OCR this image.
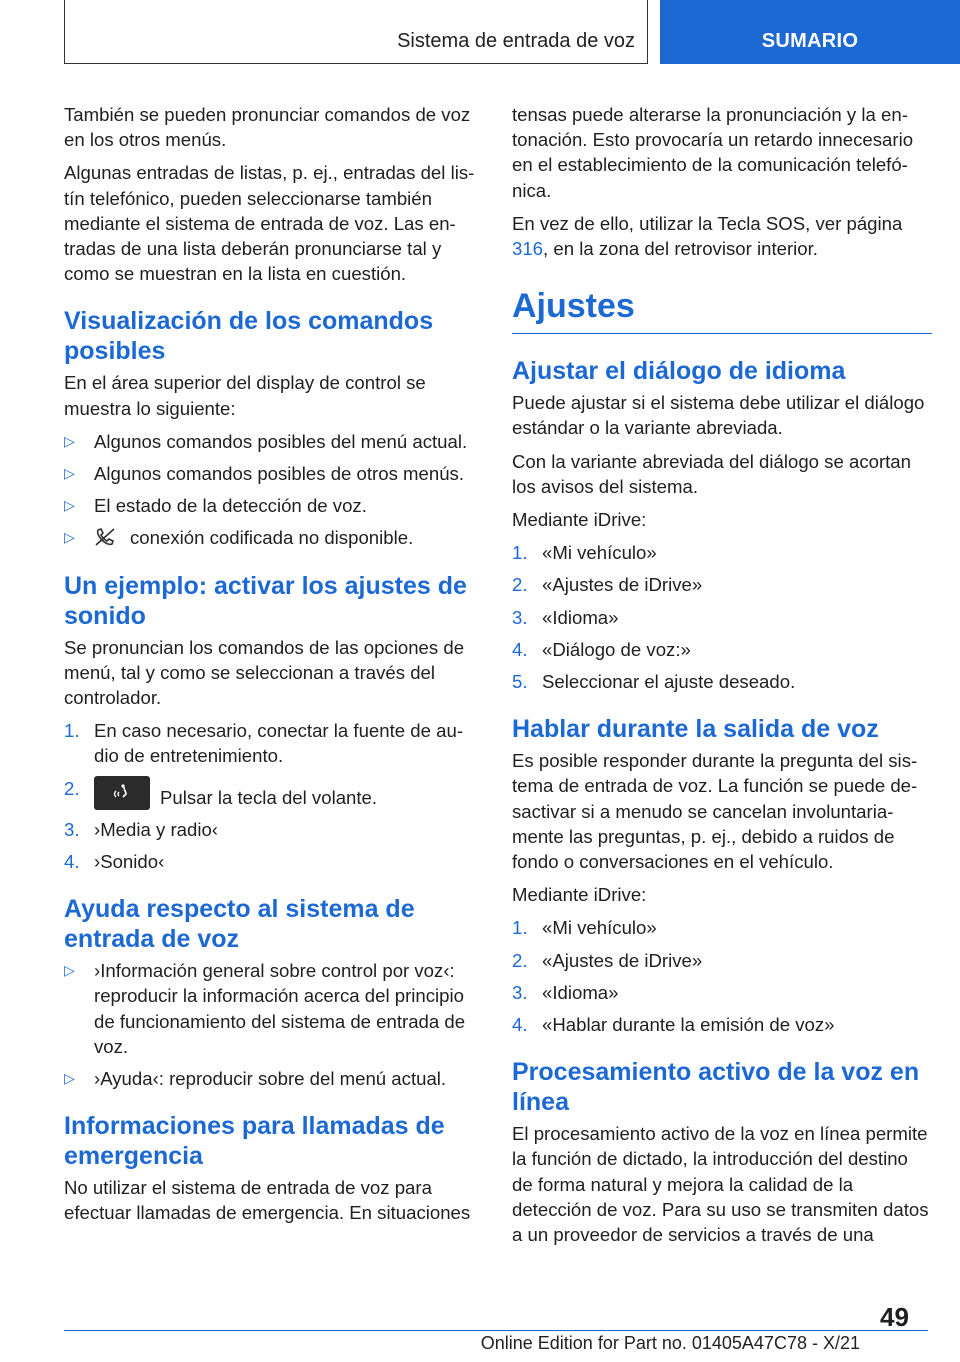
Sistema de entrada de voz	SUMARIO

También se pueden pronunciar comandos de voz en los otros menús.

Algunas entradas de listas, p. ej., entradas del listín telefónico, pueden seleccionarse también mediante el sistema de entrada de voz. Las entradas de una lista deberán pronunciarse tal y como se muestran en la lista en cuestión.

Visualización de los comandos posibles

En el área superior del display de control se muestra lo siguiente:

▷	Algunos comandos posibles del menú actual.
▷	Algunos comandos posibles de otros menús.
▷	El estado de la detección de voz.
▷	conexión codificada no disponible.
Un ejemplo: activar los ajustes de sonido

Se pronuncian los comandos de las opciones de menú, tal y como se seleccionan a través del controlador.

1. En caso necesario, conectar la fuente de audio de entretenimiento.
2.	Pulsar la tecla del volante.
3. ›Media y radio‹
4. ›Sonido‹
Ayuda respecto al sistema de entrada de voz
▷	›Información general sobre control por voz‹: reproducir la información acerca del principio de funcionamiento del sistema de entrada de voz.
▷	›Ayuda‹: reproducir sobre del menú actual.
Informaciones para llamadas de emergencia

No utilizar el sistema de entrada de voz para efectuar llamadas de emergencia. En situaciones

tensas puede alterarse la pronunciación y la entonación. Esto provocaría un retardo innecesario en el establecimiento de la comunicación telefónica.

En vez de ello, utilizar la Tecla SOS, ver página 316, en la zona del retrovisor interior.

Ajustes
Ajustar el diálogo de idioma

Puede ajustar si el sistema debe utilizar el diálogo estándar o la variante abreviada.

Con la variante abreviada del diálogo se acortan los avisos del sistema.

Mediante iDrive:

1. «Mi vehículo»
2. «Ajustes de iDrive»
3. «Idioma»
4. «Diálogo de voz:»
5. Seleccionar el ajuste deseado.
Hablar durante la salida de voz

Es posible responder durante la pregunta del sistema de entrada de voz. La función se puede desactivar si a menudo se cancelan involuntariamente las preguntas, p. ej., debido a ruidos de fondo o conversaciones en el vehículo.

Mediante iDrive:

1. «Mi vehículo»
2. «Ajustes de iDrive»
3. «Idioma»
4. «Hablar durante la emisión de voz»
Procesamiento activo de la voz en línea

El procesamiento activo de la voz en línea permite la función de dictado, la introducción del destino de forma natural y mejora la calidad de la detección de voz. Para su uso se transmiten datos a un proveedor de servicios a través de una

49
Online Edition for Part no. 01405A47C78 - X/21
